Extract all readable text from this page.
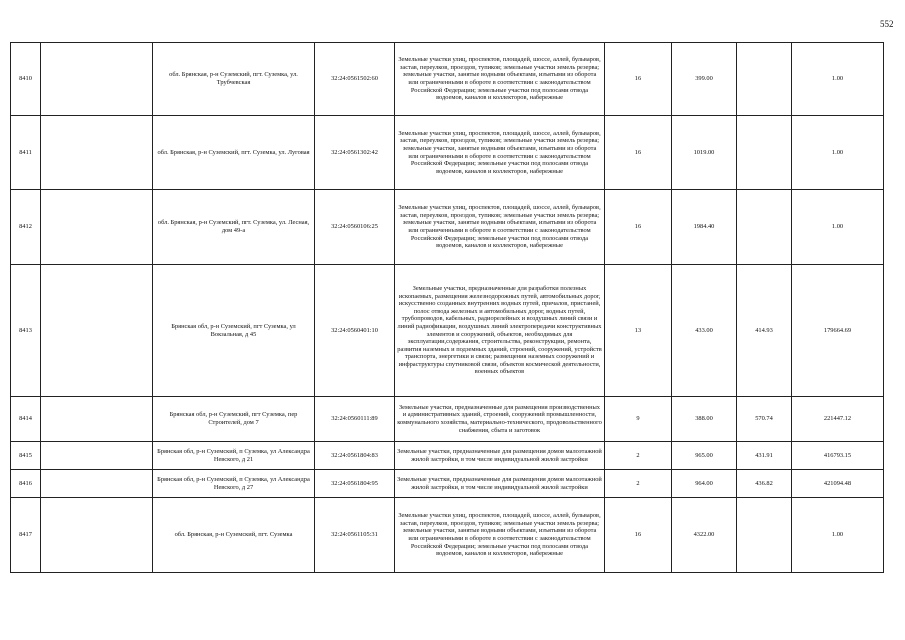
552
8410		обл. Брянская, р-н Суземский, пгт. Суземка, ул. Трубчевская	32:24:0561502:60	Земельные участки улиц, проспектов, площадей, шоссе, аллей, бульваров, застав, переулков, проездов, тупиков; земельные участки земель резерва; земельные участки, занятые водными объектами, изъятыми из оборота или ограниченными в обороте в соответствии с законодательством Российской Федерации; земельные участки под полосами отвода водоемов, каналов и коллекторов, набережные	16	399.00		1.00
8411		обл. Брянская, р-н Суземский, пгт. Суземка, ул. Луговая	32:24:0561302:42	Земельные участки улиц, проспектов, площадей, шоссе, аллей, бульваров, застав, переулков, проездов, тупиков; земельные участки земель резерва; земельные участки, занятые водными объектами, изъятыми из оборота или ограниченными в обороте в соответствии с законодательством Российской Федерации; земельные участки под полосами отвода водоемов, каналов и коллекторов, набережные	16	1019.00		1.00
8412		обл. Брянская, р-н Суземский, пгт. Суземка, ул. Лесная, дом 49-а	32:24:0560106:25	Земельные участки улиц, проспектов, площадей, шоссе, аллей, бульваров, застав, переулков, проездов, тупиков; земельные участки земель резерва; земельные участки, занятые водными объектами, изъятыми из оборота или ограниченными в обороте в соответствии с законодательством Российской Федерации; земельные участки под полосами отвода водоемов, каналов и коллекторов, набережные	16	1984.40		1.00
8413		Брянская обл, р-н Суземский, пгт Суземка, ул Вокзальная, д 45	32:24:0560401:10	Земельные участки, предназначенные для разработки полезных ископаемых, размещения железнодорожных путей, автомобильных дорог, искусственно созданных внутренних водных путей, причалов, пристаней, полос отвода железных и автомобильных дорог, водных путей, трубопроводов, кабельных, радиорелейных и воздушных линий связи и линий радиофикации, воздушных линий электропередачи конструктивных элементов и сооружений, объектов, необходимых для эксплуатации,содержания, строительства, реконструкции, ремонта, развития наземных и подземных зданий, строений, сооружений, устройств транспорта, энергетики и связи; размещения наземных сооружений и инфраструктуры спутниковой связи, объектов космической деятельности, военных объектов	13	433.00	414.93	179664.69
8414		Брянская обл, р-н Суземский, пгт Суземка, пер Строителей, дом 7	32:24:0560111:89	Земельные участки, предназначенные для размещения производственных и административных зданий, строений, сооружений промышленности, коммунального хозяйства, материально-технического, продовольственного снабжения, сбыта и заготовок	9	388.00	570.74	221447.12
8415		Брянская обл, р-н Суземский, п Суземка, ул Александра Невского, д 21	32:24:0561804:83	Земельные участки, предназначенные для размещения домов малоэтажной жилой застройки, в том числе индивидуальной жилой застройки	2	965.00	431.91	416793.15
8416		Брянская обл, р-н Суземский, п Суземка, ул Александра Невского, д 27	32:24:0561804:95	Земельные участки, предназначенные для размещения домов малоэтажной жилой застройки, в том числе индивидуальной жилой застройки	2	964.00	436.82	421094.48
8417		обл. Брянская, р-н Суземский, пгт. Суземка	32:24:0561105:31	Земельные участки улиц, проспектов, площадей, шоссе, аллей, бульваров, застав, переулков, проездов, тупиков; земельные участки земель резерва; земельные участки, занятые водными объектами, изъятыми из оборота или ограниченными в обороте в соответствии с законодательством Российской Федерации; земельные участки под полосами отвода водоемов, каналов и коллекторов, набережные	16	4322.00		1.00
